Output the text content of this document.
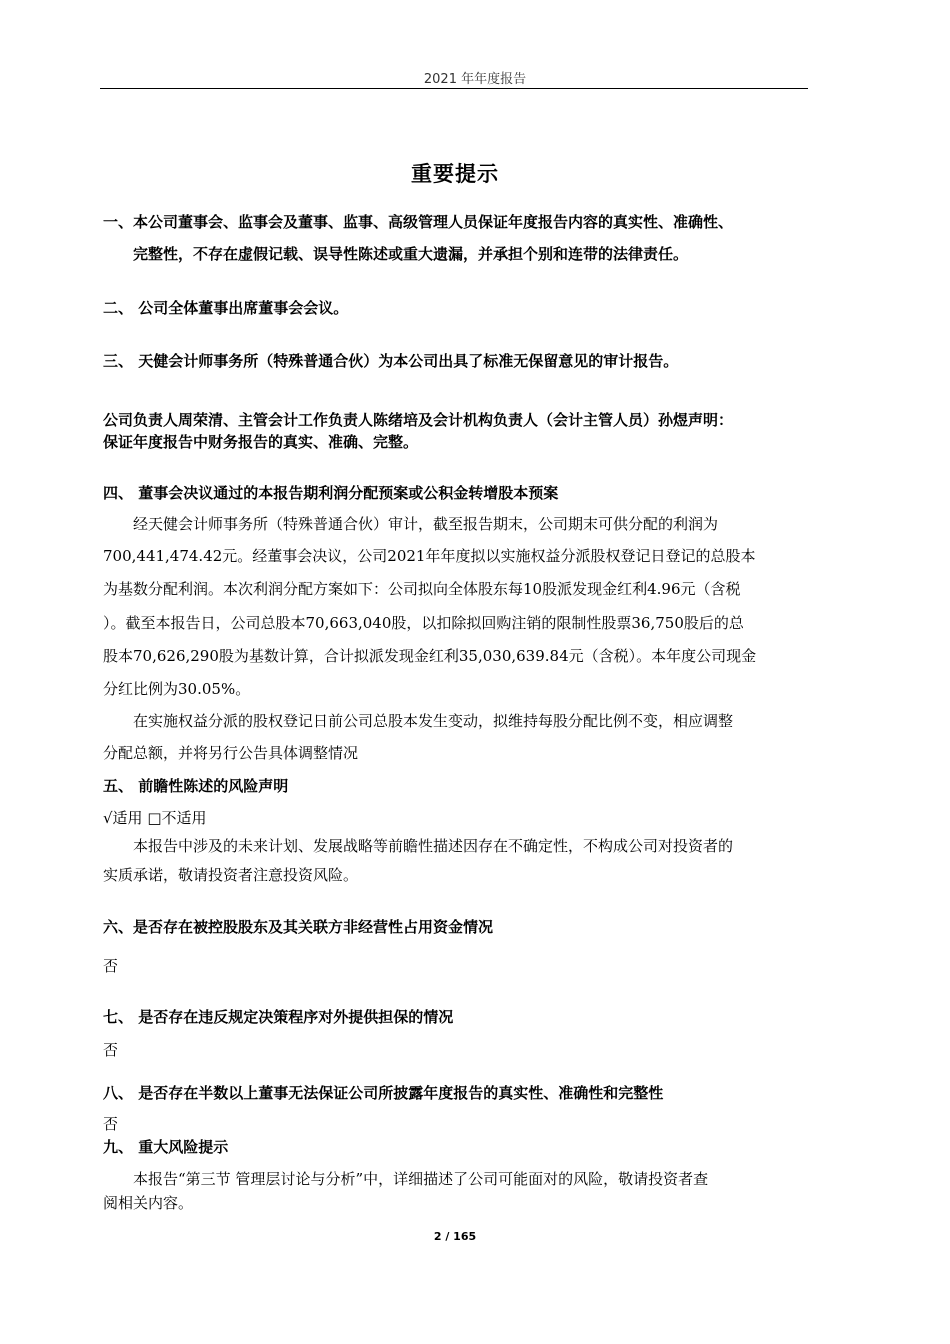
2021 年年度报告
重要提示
一、本公司董事会、监事会及董事、监事、高级管理人员保证年度报告内容的真实性、准确性、
完整性，不存在虚假记载、误导性陈述或重大遗漏，并承担个别和连带的法律责任。
二、 公司全体董事出席董事会会议。
三、 天健会计师事务所（特殊普通合伙）为本公司出具了标准无保留意见的审计报告。
公司负责人周荣清、主管会计工作负责人陈绪培及会计机构负责人（会计主管人员）孙煜声明：
保证年度报告中财务报告的真实、准确、完整。
四、 董事会决议通过的本报告期利润分配预案或公积金转增股本预案
经天健会计师事务所（特殊普通合伙）审计，截至报告期末，公司期末可供分配的利润为
700,441,474.42元。经董事会决议，公司2021年年度拟以实施权益分派股权登记日登记的总股本
为基数分配利润。本次利润分配方案如下：公司拟向全体股东每10股派发现金红利4.96元（含税
）。截至本报告日，公司总股本70,663,040股，以扣除拟回购注销的限制性股票36,750股后的总
股本70,626,290股为基数计算，合计拟派发现金红利35,030,639.84元（含税）。本年度公司现金
分红比例为30.05%。
在实施权益分派的股权登记日前公司总股本发生变动，拟维持每股分配比例不变，相应调整
分配总额，并将另行公告具体调整情况
五、 前瞻性陈述的风险声明
√适用 □不适用
本报告中涉及的未来计划、发展战略等前瞻性描述因存在不确定性，不构成公司对投资者的
实质承诺，敬请投资者注意投资风险。
六、是否存在被控股股东及其关联方非经营性占用资金情况
否
七、 是否存在违反规定决策程序对外提供担保的情况
否
八、 是否存在半数以上董事无法保证公司所披露年度报告的真实性、准确性和完整性
否
九、 重大风险提示
本报告“第三节 管理层讨论与分析”中，详细描述了公司可能面对的风险，敬请投资者查
阅相关内容。
2 / 165
